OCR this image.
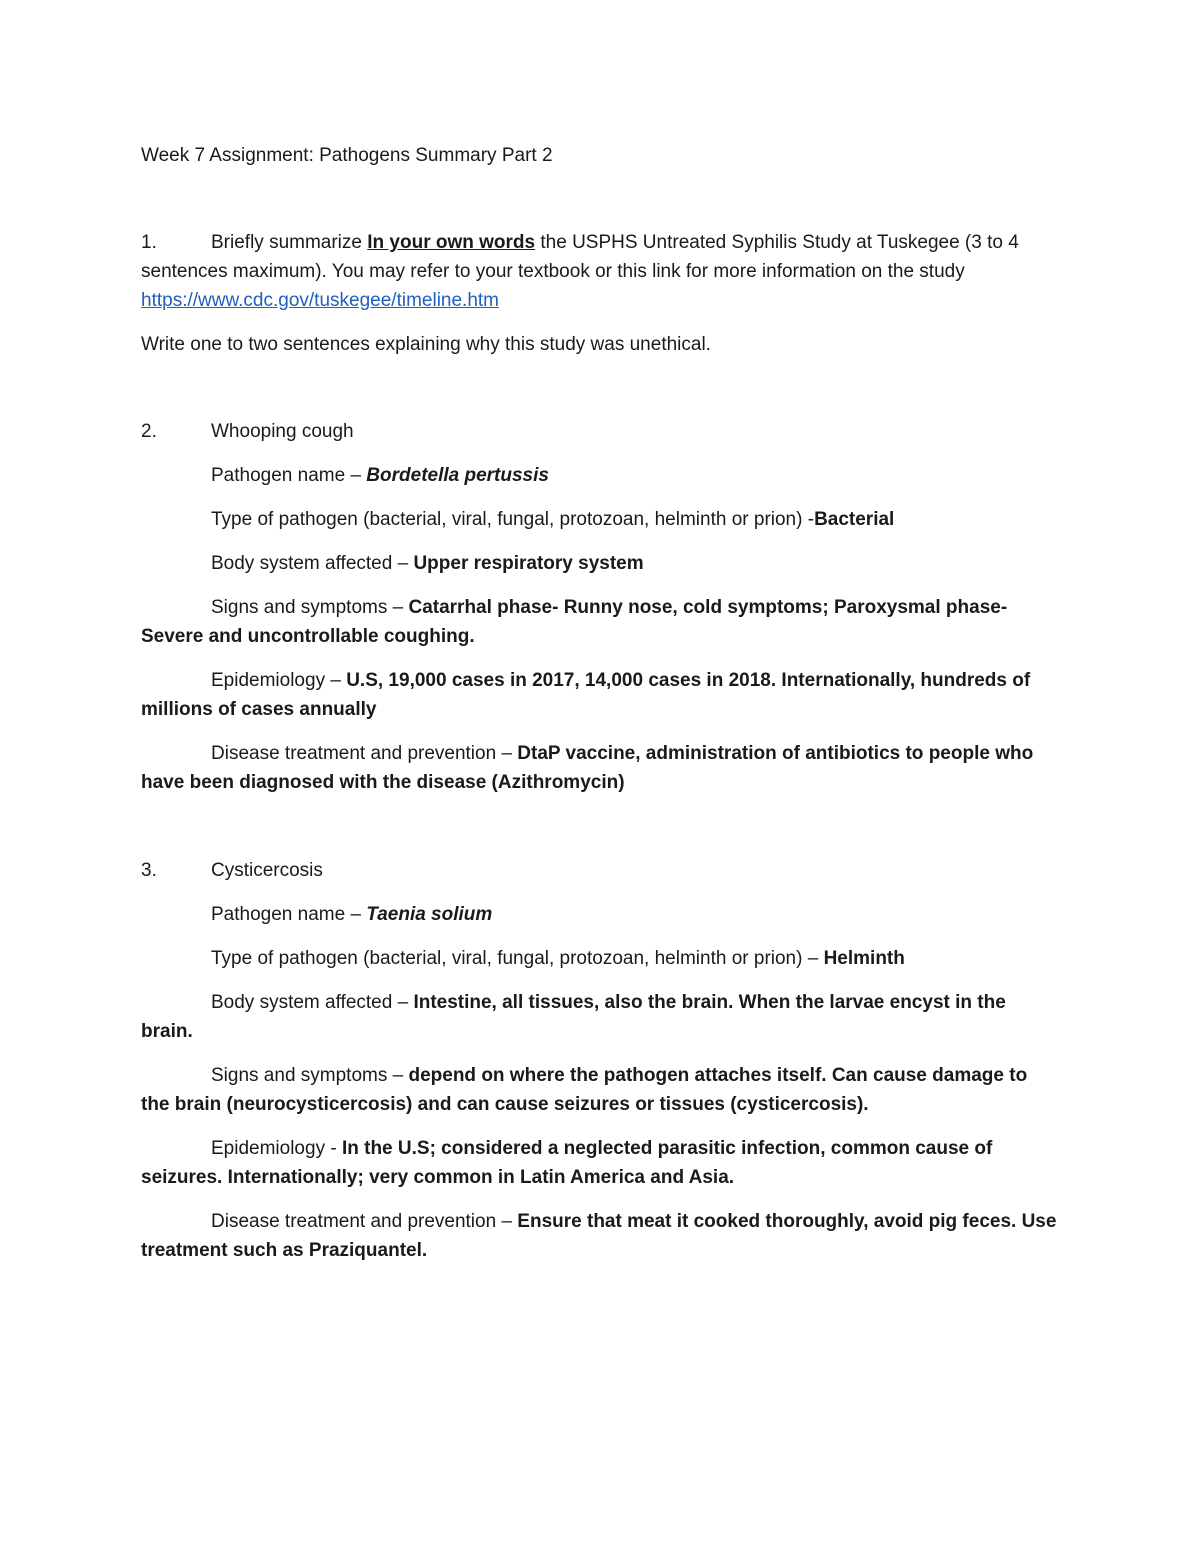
Week 7 Assignment: Pathogens Summary Part 2

1.	Briefly summarize In your own words the USPHS Untreated Syphilis Study at Tuskegee (3 to 4 sentences maximum). You may refer to your textbook or this link for more information on the study
https://www.cdc.gov/tuskegee/timeline.htm

Write one to two sentences explaining why this study was unethical.

2.	Whooping cough

Pathogen name – Bordetella pertussis

Type of pathogen (bacterial, viral, fungal, protozoan, helminth or prion) -Bacterial

Body system affected – Upper respiratory system

Signs and symptoms – Catarrhal phase- Runny nose, cold symptoms; Paroxysmal phase- Severe and uncontrollable coughing.

Epidemiology – U.S, 19,000 cases in 2017, 14,000 cases in 2018. Internationally, hundreds of millions of cases annually

Disease treatment and prevention – DtaP vaccine, administration of antibiotics to people who have been diagnosed with the disease (Azithromycin)

3.	Cysticercosis

Pathogen name – Taenia solium

Type of pathogen (bacterial, viral, fungal, protozoan, helminth or prion) – Helminth

Body system affected – Intestine, all tissues, also the brain. When the larvae encyst in the brain.

Signs and symptoms – depend on where the pathogen attaches itself. Can cause damage to the brain (neurocysticercosis) and can cause seizures or tissues (cysticercosis).

Epidemiology - In the U.S; considered a neglected parasitic infection, common cause of seizures. Internationally; very common in Latin America and Asia.

Disease treatment and prevention – Ensure that meat it cooked thoroughly, avoid pig feces. Use treatment such as Praziquantel.
